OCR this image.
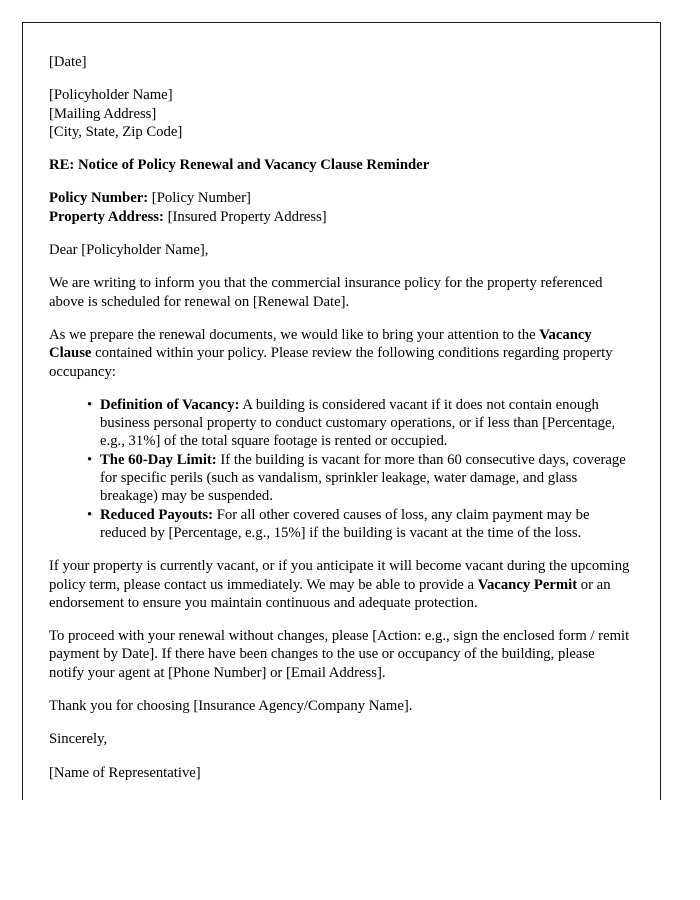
[Date]

[Policyholder Name]
[Mailing Address]
[City, State, Zip Code]
RE: Notice of Policy Renewal and Vacancy Clause Reminder
Policy Number: [Policy Number]
Property Address: [Insured Property Address]

Dear [Policyholder Name],

We are writing to inform you that the commercial insurance policy for the property referenced above is scheduled for renewal on [Renewal Date].

As we prepare the renewal documents, we would like to bring your attention to the Vacancy Clause contained within your policy. Please review the following conditions regarding property occupancy:

• Definition of Vacancy: A building is considered vacant if it does not contain enough business personal property to conduct customary operations, or if less than [Percentage, e.g., 31%] of the total square footage is rented or occupied.
• The 60-Day Limit: If the building is vacant for more than 60 consecutive days, coverage for specific perils (such as vandalism, sprinkler leakage, water damage, and glass breakage) may be suspended.
• Reduced Payouts: For all other covered causes of loss, any claim payment may be reduced by [Percentage, e.g., 15%] if the building is vacant at the time of the loss.

If your property is currently vacant, or if you anticipate it will become vacant during the upcoming policy term, please contact us immediately. We may be able to provide a Vacancy Permit or an endorsement to ensure you maintain continuous and adequate protection.

To proceed with your renewal without changes, please [Action: e.g., sign the enclosed form / remit payment by Date]. If there have been changes to the use or occupancy of the building, please notify your agent at [Phone Number] or [Email Address].

Thank you for choosing [Insurance Agency/Company Name].

Sincerely,

[Name of Representative]
